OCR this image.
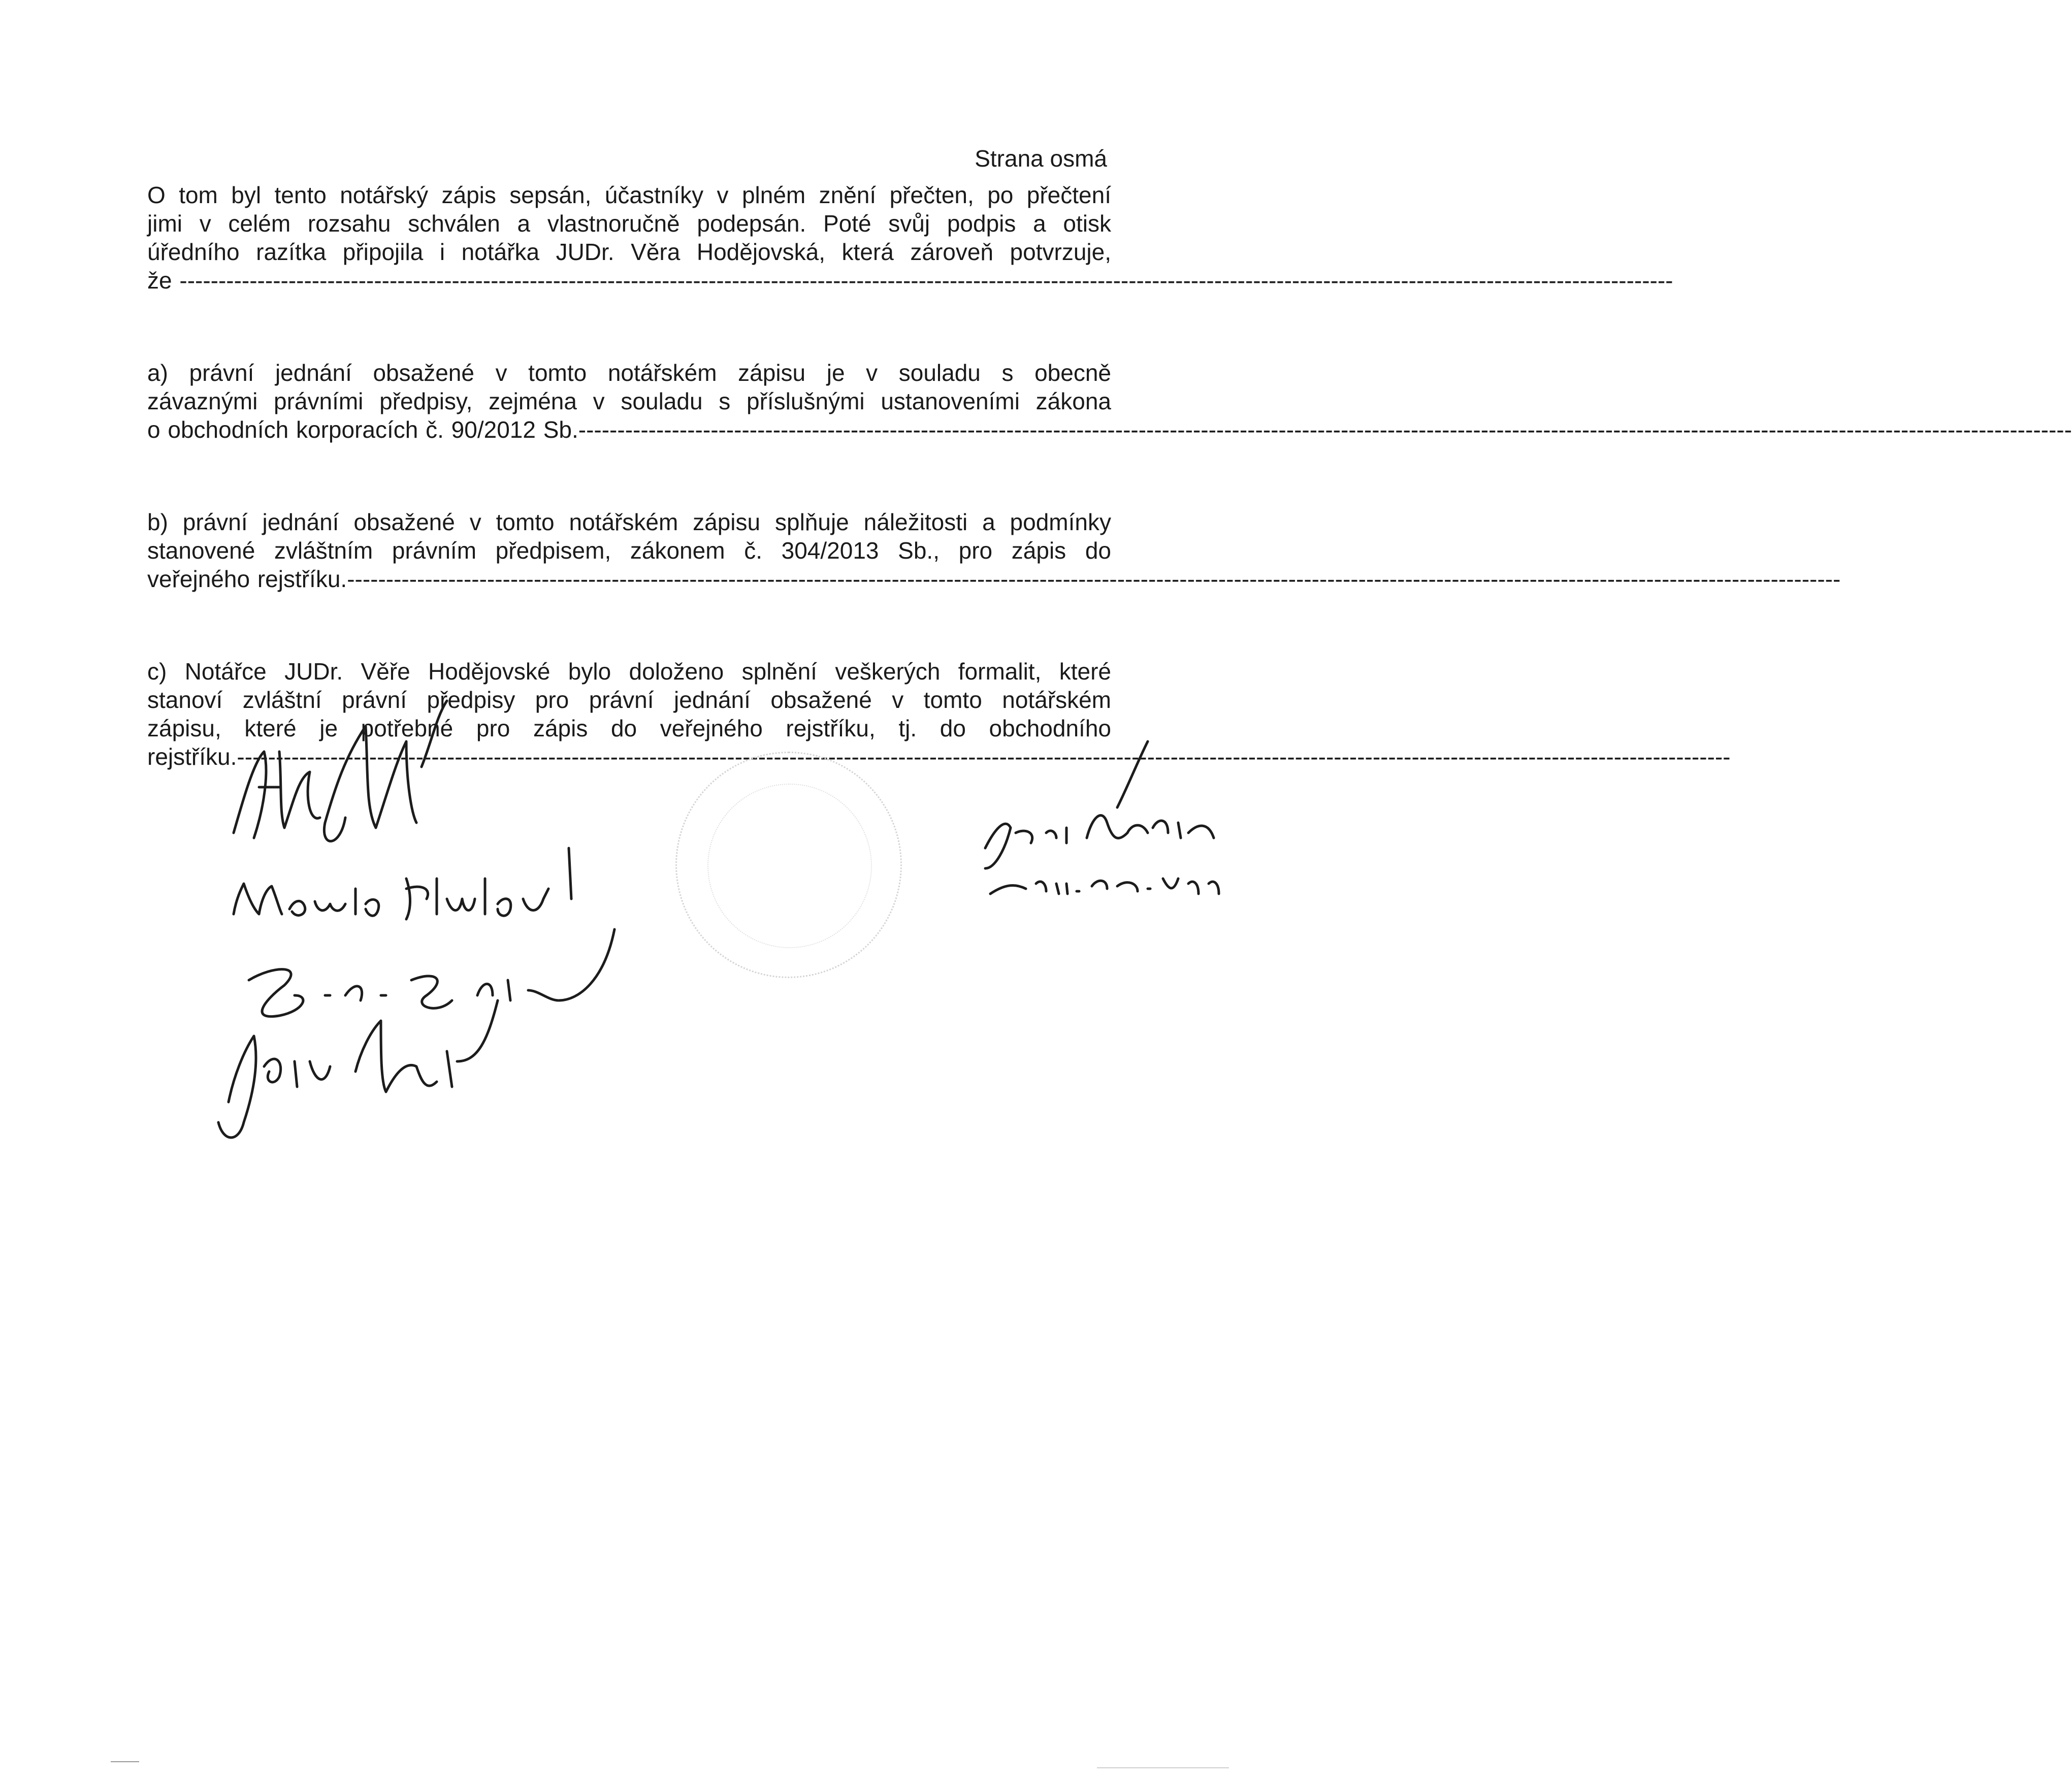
Strana osmá

O tom byl tento notářský zápis sepsán, účastníky v plném znění přečten, po přečtení
jimi v celém rozsahu schválen a vlastnoručně podepsán. Poté svůj podpis a otisk
úředního razítka připojila i notářka JUDr. Věra Hodějovská, která zároveň potvrzuje,
že ------------------------------------------------------------------------------------------------------------------------------------------------------------------------------------------------

a) právní jednání obsažené v tomto notářském zápisu je v souladu s obecně
závaznými právními předpisy, zejména v souladu s příslušnými ustanoveními zákona
o obchodních korporacích č. 90/2012 Sb.------------------------------------------------------------------------------------------------------------------------------------------------------------------------------------------------

b) právní jednání obsažené v tomto notářském zápisu splňuje náležitosti a podmínky
stanovené zvláštním právním předpisem, zákonem č. 304/2013 Sb., pro zápis do
veřejného rejstříku.------------------------------------------------------------------------------------------------------------------------------------------------------------------------------------------------

c) Notářce JUDr. Věře Hodějovské bylo doloženo splnění veškerých formalit, které
stanoví zvláštní právní předpisy pro právní jednání obsažené v tomto notářském
zápisu, které je potřebné pro zápis do veřejného rejstříku, tj. do obchodního
rejstříku.------------------------------------------------------------------------------------------------------------------------------------------------------------------------------------------------
